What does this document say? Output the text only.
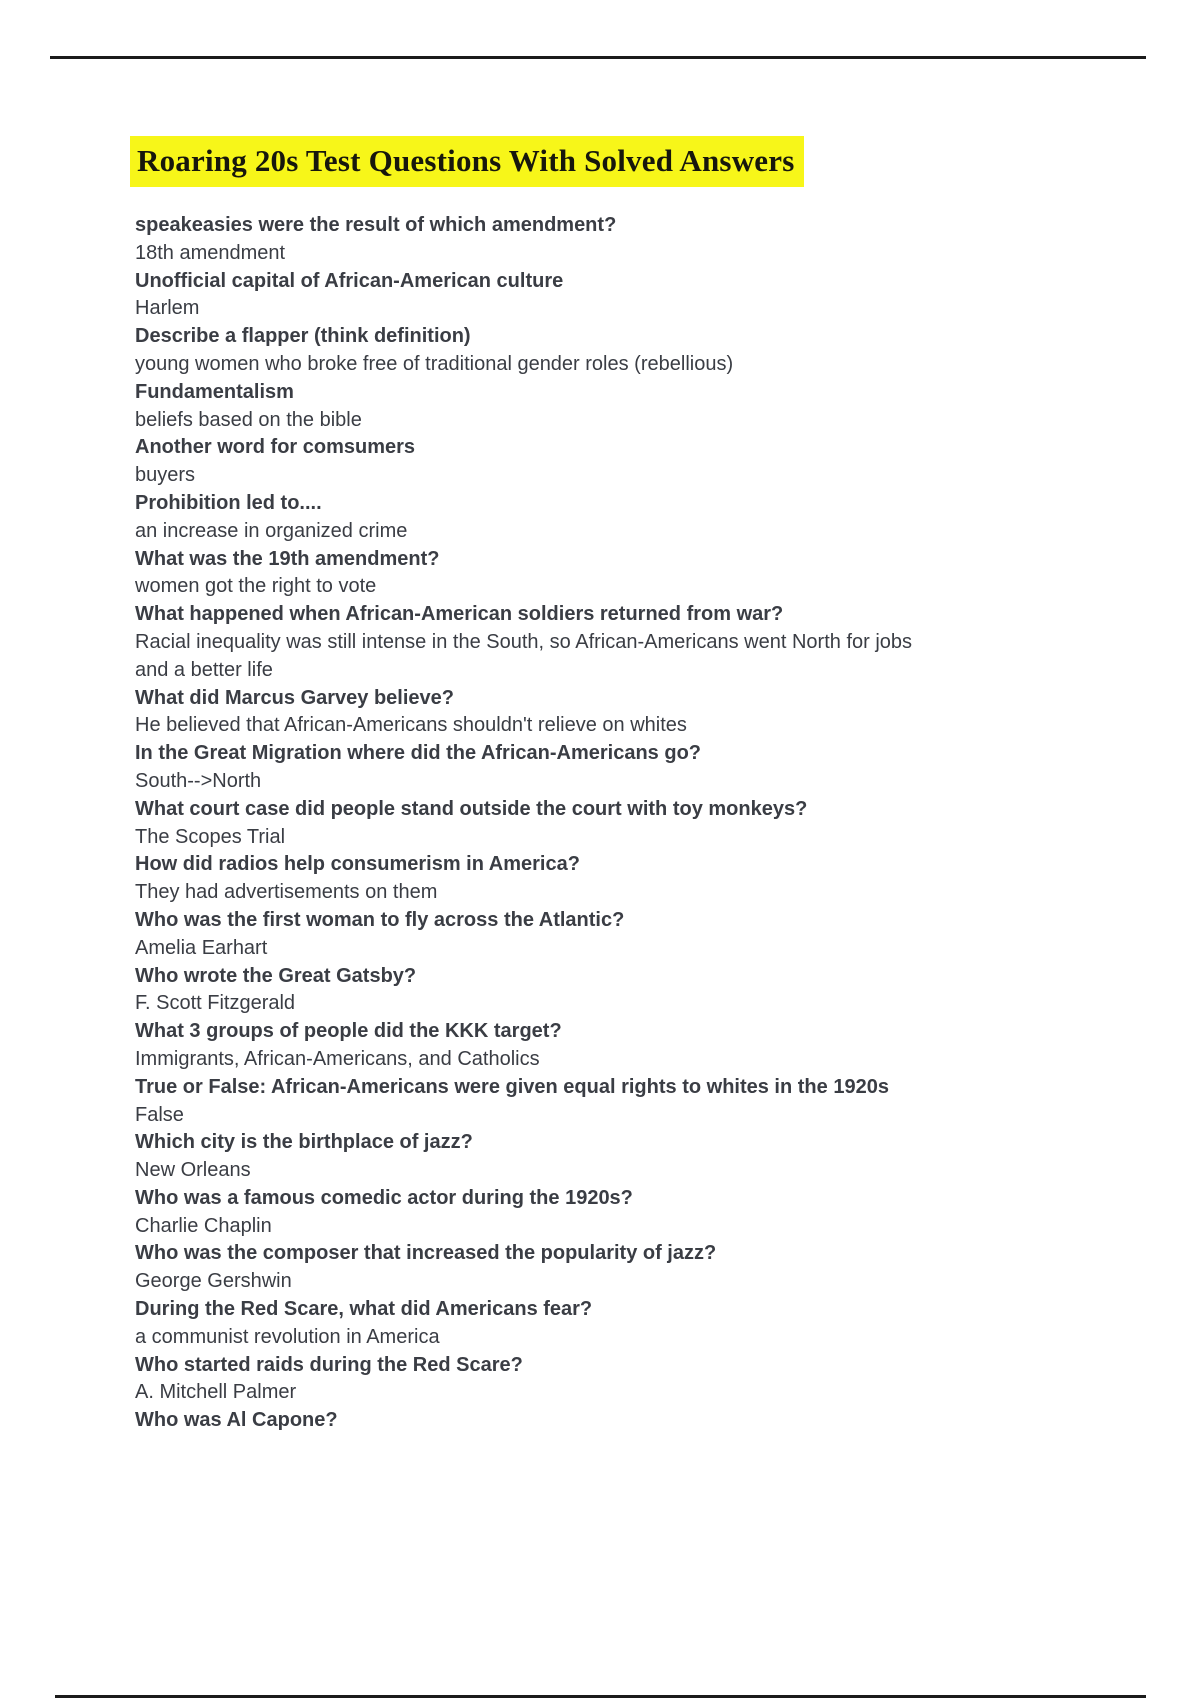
Roaring 20s Test Questions With Solved Answers
speakeasies were the result of which amendment?
18th amendment
Unofficial capital of African-American culture
Harlem
Describe a flapper (think definition)
young women who broke free of traditional gender roles (rebellious)
Fundamentalism
beliefs based on the bible
Another word for comsumers
buyers
Prohibition led to....
an increase in organized crime
What was the 19th amendment?
women got the right to vote
What happened when African-American soldiers returned from war?
Racial inequality was still intense in the South, so African-Americans went North for jobs
and a better life
What did Marcus Garvey believe?
He believed that African-Americans shouldn't relieve on whites
In the Great Migration where did the African-Americans go?
South-->North
What court case did people stand outside the court with toy monkeys?
The Scopes Trial
How did radios help consumerism in America?
They had advertisements on them
Who was the first woman to fly across the Atlantic?
Amelia Earhart
Who wrote the Great Gatsby?
F. Scott Fitzgerald
What 3 groups of people did the KKK target?
Immigrants, African-Americans, and Catholics
True or False: African-Americans were given equal rights to whites in the 1920s
False
Which city is the birthplace of jazz?
New Orleans
Who was a famous comedic actor during the 1920s?
Charlie Chaplin
Who was the composer that increased the popularity of jazz?
George Gershwin
During the Red Scare, what did Americans fear?
a communist revolution in America
Who started raids during the Red Scare?
A. Mitchell Palmer
Who was Al Capone?
